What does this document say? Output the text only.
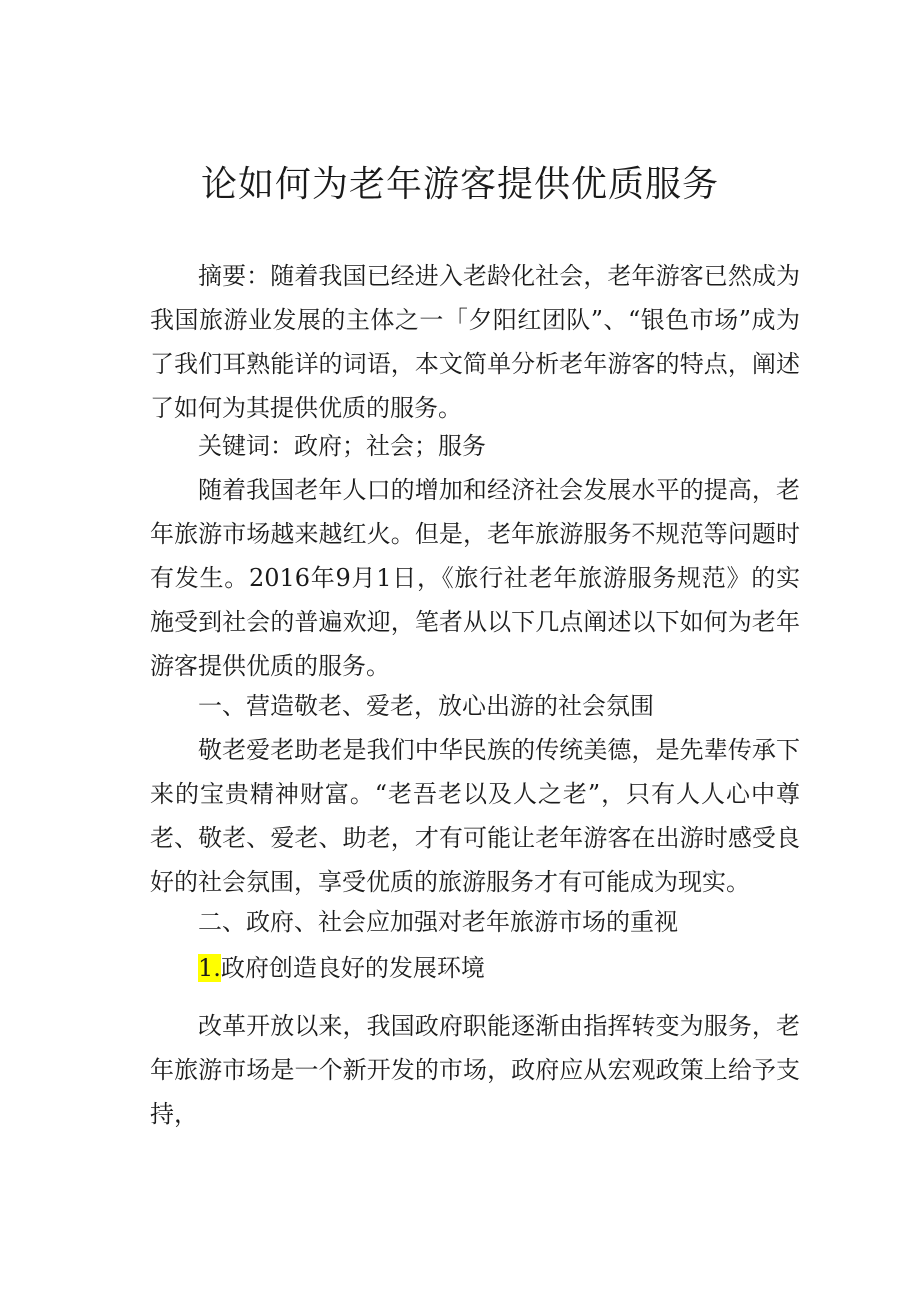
论如何为老年游客提供优质服务
摘要：随着我国已经进入老龄化社会，老年游客已然成为我国旅游业发展的主体之一「夕阳红团队”、“银色市场”成为了我们耳熟能详的词语，本文简单分析老年游客的特点，阐述了如何为其提供优质的服务。
关键词：政府；社会；服务
随着我国老年人口的增加和经济社会发展水平的提高，老年旅游市场越来越红火。但是，老年旅游服务不规范等问题时有发生。2016年9月1日，《旅行社老年旅游服务规范》的实施受到社会的普遍欢迎，笔者从以下几点阐述以下如何为老年游客提供优质的服务。
一、营造敬老、爱老，放心出游的社会氛围
敬老爱老助老是我们中华民族的传统美德，是先辈传承下来的宝贵精神财富。“老吾老以及人之老”，只有人人心中尊老、敬老、爱老、助老，才有可能让老年游客在出游时感受良好的社会氛围，享受优质的旅游服务才有可能成为现实。
二、政府、社会应加强对老年旅游市场的重视
1.政府创造良好的发展环境
改革开放以来，我国政府职能逐渐由指挥转变为服务，老年旅游市场是一个新开发的市场，政府应从宏观政策上给予支持，
